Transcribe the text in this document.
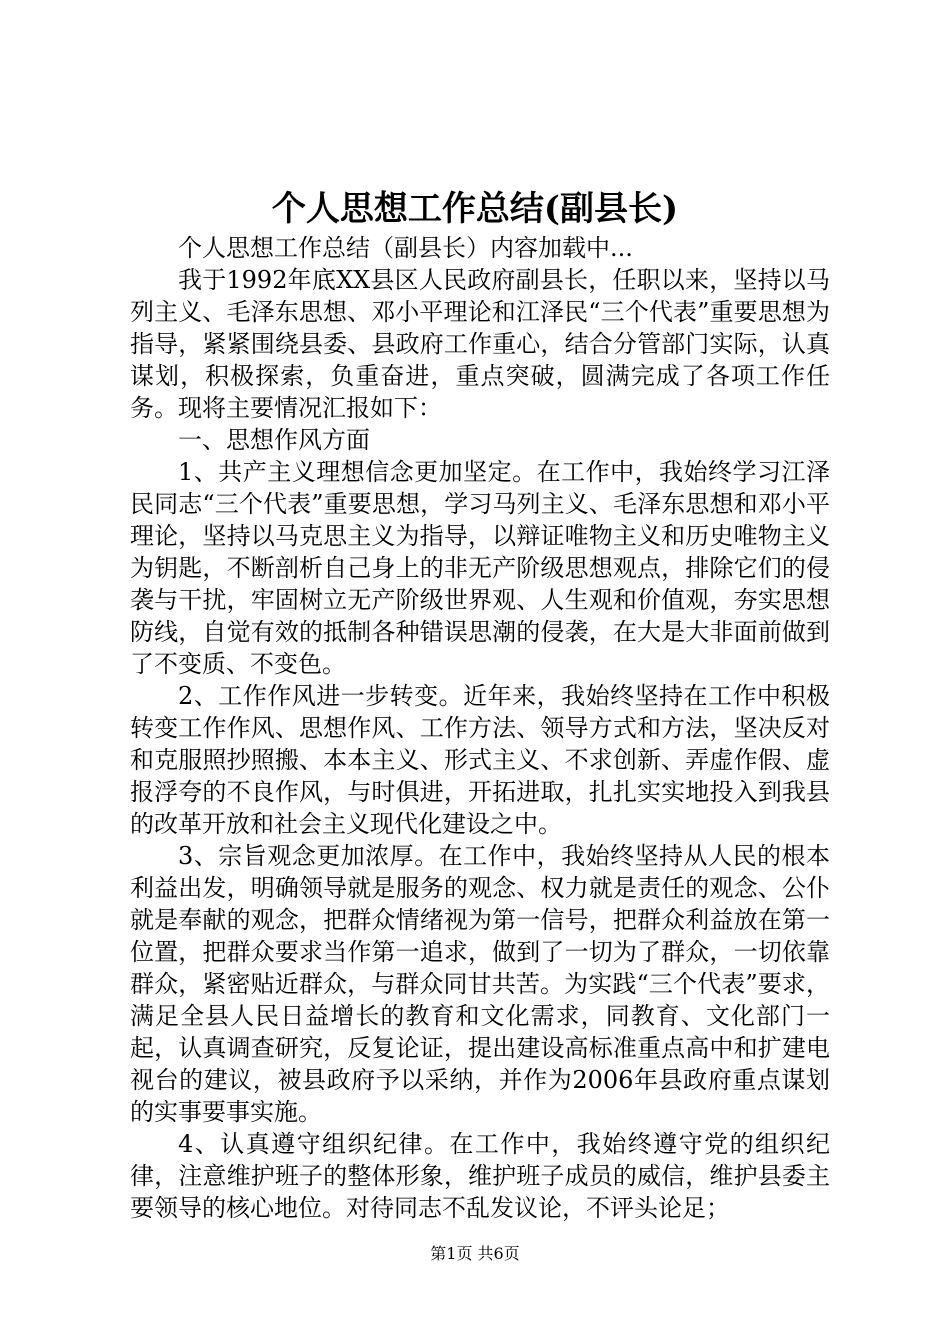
个人思想工作总结(副县长)

个人思想工作总结（副县长）内容加载中...

我于1992年底XX县区人民政府副县长，任职以来，坚持以马列主义、毛泽东思想、邓小平理论和江泽民“三个代表”重要思想为指导，紧紧围绕县委、县政府工作重心，结合分管部门实际，认真谋划，积极探索，负重奋进，重点突破，圆满完成了各项工作任务。现将主要情况汇报如下：

一、思想作风方面

1、共产主义理想信念更加坚定。在工作中，我始终学习江泽民同志“三个代表”重要思想，学习马列主义、毛泽东思想和邓小平理论，坚持以马克思主义为指导，以辩证唯物主义和历史唯物主义为钥匙，不断剖析自己身上的非无产阶级思想观点，排除它们的侵袭与干扰，牢固树立无产阶级世界观、人生观和价值观，夯实思想防线，自觉有效的抵制各种错误思潮的侵袭，在大是大非面前做到了不变质、不变色。

2、工作作风进一步转变。近年来，我始终坚持在工作中积极转变工作作风、思想作风、工作方法、领导方式和方法，坚决反对和克服照抄照搬、本本主义、形式主义、不求创新、弄虚作假、虚报浮夸的不良作风，与时俱进，开拓进取，扎扎实实地投入到我县的改革开放和社会主义现代化建设之中。

3、宗旨观念更加浓厚。在工作中，我始终坚持从人民的根本利益出发，明确领导就是服务的观念、权力就是责任的观念、公仆就是奉献的观念，把群众情绪视为第一信号，把群众利益放在第一位置，把群众要求当作第一追求，做到了一切为了群众，一切依靠群众，紧密贴近群众，与群众同甘共苦。为实践“三个代表”要求，满足全县人民日益增长的教育和文化需求，同教育、文化部门一起，认真调查研究，反复论证，提出建设高标准重点高中和扩建电视台的建议，被县政府予以采纳，并作为2006年县政府重点谋划的实事要事实施。

4、认真遵守组织纪律。在工作中，我始终遵守党的组织纪律，注意维护班子的整体形象，维护班子成员的威信，维护县委主要领导的核心地位。对待同志不乱发议论，不评头论足；

第1页 共6页
